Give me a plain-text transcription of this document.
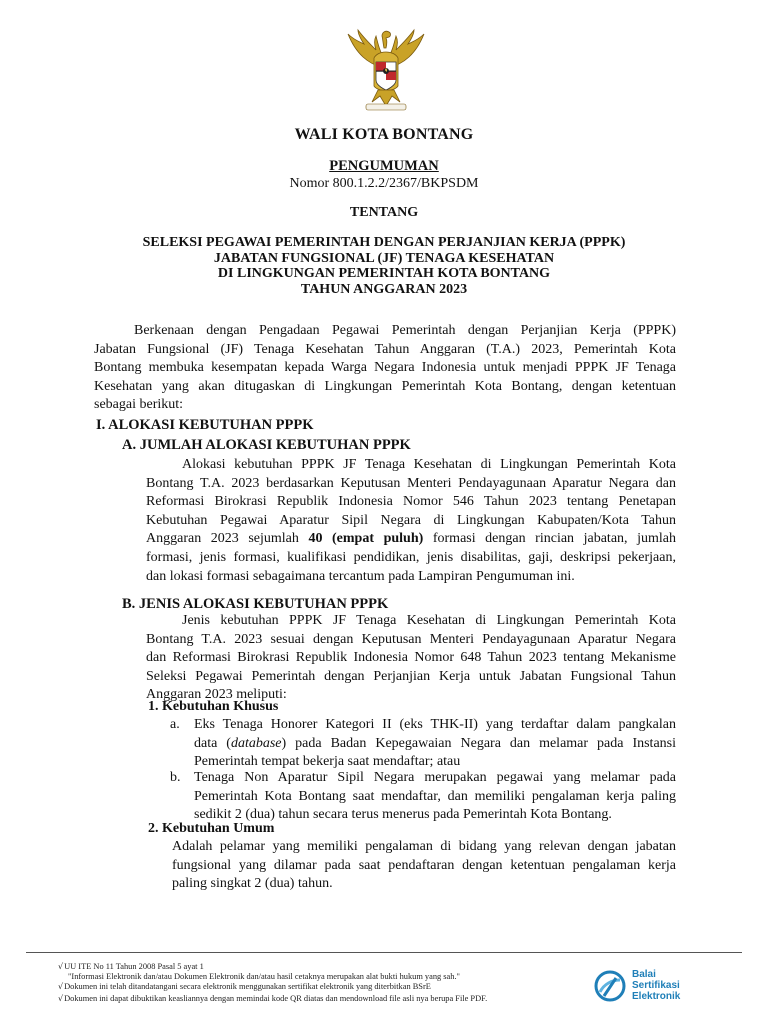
WALI KOTA BONTANG
PENGUMUMAN
Nomor 800.1.2.2/2367/BKPSDM
TENTANG
SELEKSI PEGAWAI PEMERINTAH DENGAN PERJANJIAN KERJA (PPPK)
JABATAN FUNGSIONAL (JF) TENAGA KESEHATAN
DI LINGKUNGAN PEMERINTAH KOTA BONTANG
TAHUN ANGGARAN 2023
Berkenaan dengan Pengadaan Pegawai Pemerintah dengan Perjanjian Kerja (PPPK)
Jabatan Fungsional (JF) Tenaga Kesehatan Tahun Anggaran (T.A.) 2023, Pemerintah Kota
Bontang membuka kesempatan kepada Warga Negara Indonesia untuk menjadi PPPK JF Tenaga
Kesehatan yang akan ditugaskan di Lingkungan Pemerintah Kota Bontang, dengan ketentuan
sebagai berikut:
I. ALOKASI KEBUTUHAN PPPK
A. JUMLAH ALOKASI KEBUTUHAN PPPK
Alokasi kebutuhan PPPK JF Tenaga Kesehatan di Lingkungan Pemerintah Kota
Bontang T.A. 2023 berdasarkan Keputusan Menteri Pendayagunaan Aparatur Negara dan
Reformasi Birokrasi Republik Indonesia Nomor 546 Tahun 2023 tentang Penetapan
Kebutuhan Pegawai Aparatur Sipil Negara di Lingkungan Kabupaten/Kota Tahun
Anggaran 2023 sejumlah 40 (empat puluh) formasi dengan rincian jabatan, jumlah
formasi, jenis formasi, kualifikasi pendidikan, jenis disabilitas, gaji, deskripsi pekerjaan,
dan lokasi formasi sebagaimana tercantum pada Lampiran Pengumuman ini.
B. JENIS ALOKASI KEBUTUHAN PPPK
Jenis kebutuhan PPPK JF Tenaga Kesehatan di Lingkungan Pemerintah Kota
Bontang T.A. 2023 sesuai dengan Keputusan Menteri Pendayagunaan Aparatur Negara
dan Reformasi Birokrasi Republik Indonesia Nomor 648 Tahun 2023 tentang Mekanisme
Seleksi Pegawai Pemerintah dengan Perjanjian Kerja untuk Jabatan Fungsional Tahun
Anggaran 2023 meliputi:
1. Kebutuhan Khusus
a.	Eks Tenaga Honorer Kategori II (eks THK-II) yang terdaftar dalam pangkalan
data (database) pada Badan Kepegawaian Negara dan melamar pada Instansi
Pemerintah tempat bekerja saat mendaftar; atau
b. Tenaga Non Aparatur Sipil Negara merupakan pegawai yang melamar pada
Pemerintah Kota Bontang saat mendaftar, dan memiliki pengalaman kerja paling
sedikit 2 (dua) tahun secara terus menerus pada Pemerintah Kota Bontang.
2. Kebutuhan Umum
Adalah pelamar yang memiliki pengalaman di bidang yang relevan dengan jabatan
fungsional yang dilamar pada saat pendaftaran dengan ketentuan pengalaman kerja
paling singkat 2 (dua) tahun.
√UU ITE No 11 Tahun 2008 Pasal 5 ayat 1
"Informasi Elektronik dan/atau Dokumen Elektronik dan/atau hasil cetaknya merupakan alat bukti hukum yang sah."
√Dokumen ini telah ditandatangani secara elektronik menggunakan sertifikat elektronik yang diterbitkan BSrE
√Dokumen ini dapat dibuktikan keasliannya dengan memindai kode QR diatas dan mendownload file asli nya berupa File PDF.
Balai
Sertifikasi
Elektronik
